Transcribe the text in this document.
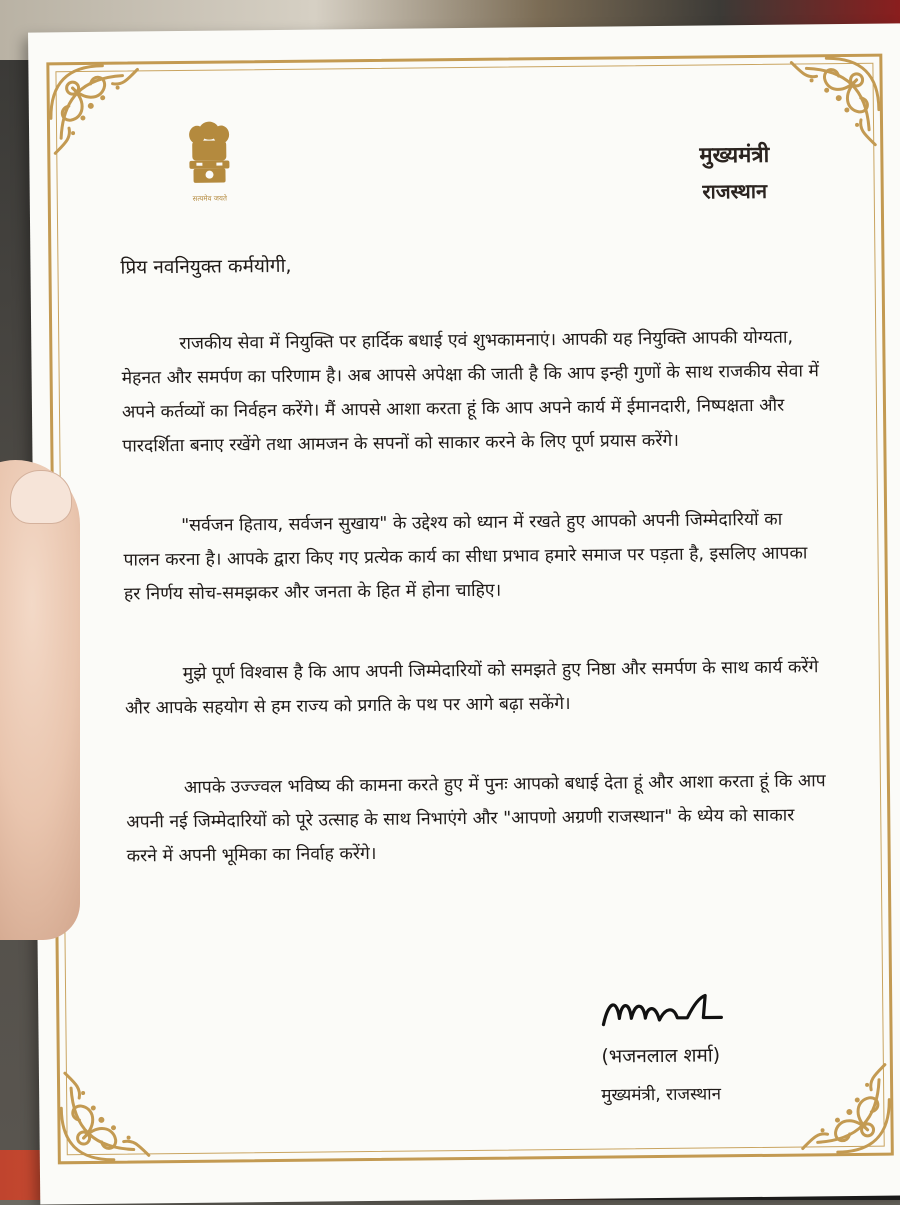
सत्यमेव जयते
मुख्यमंत्री
राजस्थान

प्रिय नवनियुक्त कर्मयोगी,

राजकीय सेवा में नियुक्ति पर हार्दिक बधाई एवं शुभकामनाएं। आपकी यह नियुक्ति आपकी योग्यता, मेहनत और समर्पण का परिणाम है। अब आपसे अपेक्षा की जाती है कि आप इन्ही गुणों के साथ राजकीय सेवा में अपने कर्तव्यों का निर्वहन करेंगे। मैं आपसे आशा करता हूं कि आप अपने कार्य में ईमानदारी, निष्पक्षता और पारदर्शिता बनाए रखेंगे तथा आमजन के सपनों को साकार करने के लिए पूर्ण प्रयास करेंगे।

"सर्वजन हिताय, सर्वजन सुखाय" के उद्देश्य को ध्यान में रखते हुए आपको अपनी जिम्मेदारियों का पालन करना है। आपके द्वारा किए गए प्रत्येक कार्य का सीधा प्रभाव हमारे समाज पर पड़ता है, इसलिए आपका हर निर्णय सोच-समझकर और जनता के हित में होना चाहिए।

मुझे पूर्ण विश्वास है कि आप अपनी जिम्मेदारियों को समझते हुए निष्ठा और समर्पण के साथ कार्य करेंगे और आपके सहयोग से हम राज्य को प्रगति के पथ पर आगे बढ़ा सकेंगे।

आपके उज्ज्वल भविष्य की कामना करते हुए में पुनः आपको बधाई देता हूं और आशा करता हूं कि आप अपनी नई जिम्मेदारियों को पूरे उत्साह के साथ निभाएंगे और "आपणो अग्रणी राजस्थान" के ध्येय को साकार करने में अपनी भूमिका का निर्वाह करेंगे।

(भजनलाल शर्मा)
मुख्यमंत्री, राजस्थान
